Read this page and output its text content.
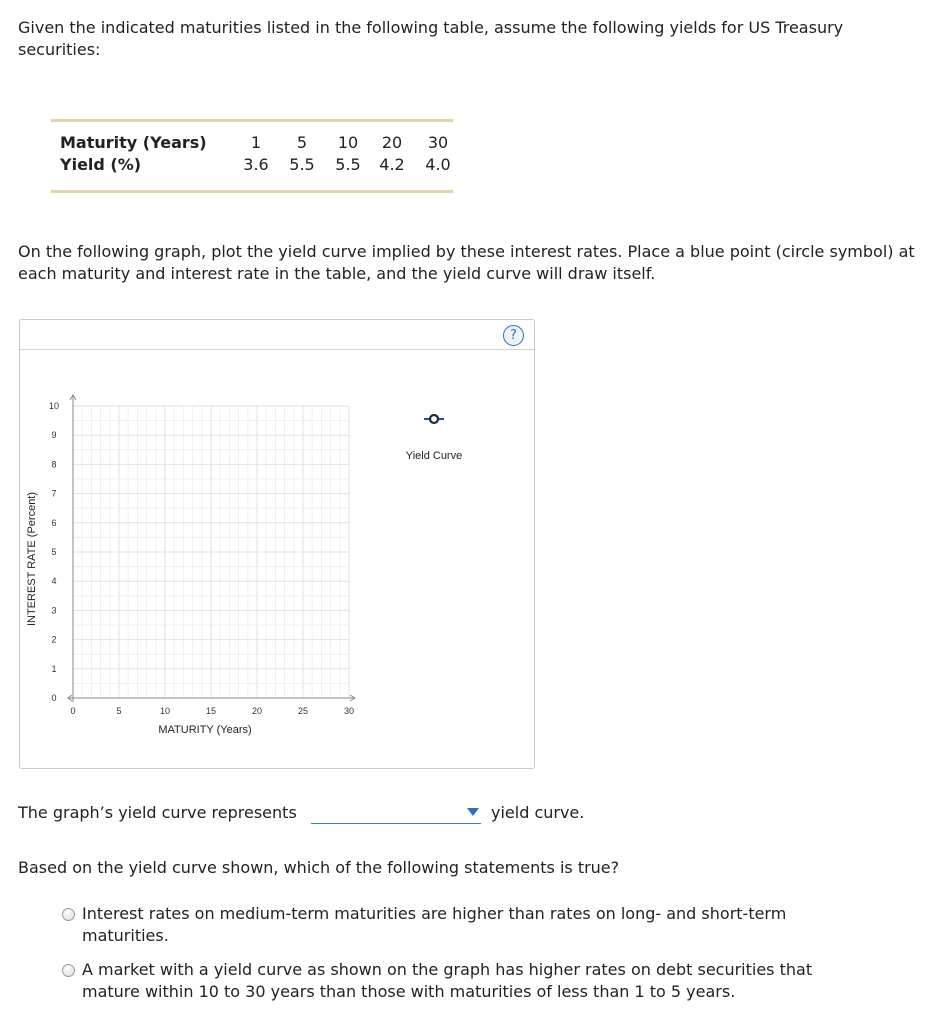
Given the indicated maturities listed in the following table, assume the following yields for US Treasury securities:
Maturity (Years)	1	5	10	20	30
Yield (%)	3.6	5.5	5.5	4.2	4.0
On the following graph, plot the yield curve implied by these interest rates. Place a blue point (circle symbol) at each maturity and interest rate in the table, and the yield curve will draw itself.
?
0
1
2
3
4
5
6
7
8
9
10
0	5	10	15	20	25	30
MATURITY (Years)
INTEREST RATE (Percent)
Yield Curve
The graph’s yield curve represents	yield curve.
Based on the yield curve shown, which of the following statements is true?
Interest rates on medium-term maturities are higher than rates on long- and short-term maturities.
A market with a yield curve as shown on the graph has higher rates on debt securities that mature within 10 to 30 years than those with maturities of less than 1 to 5 years.
